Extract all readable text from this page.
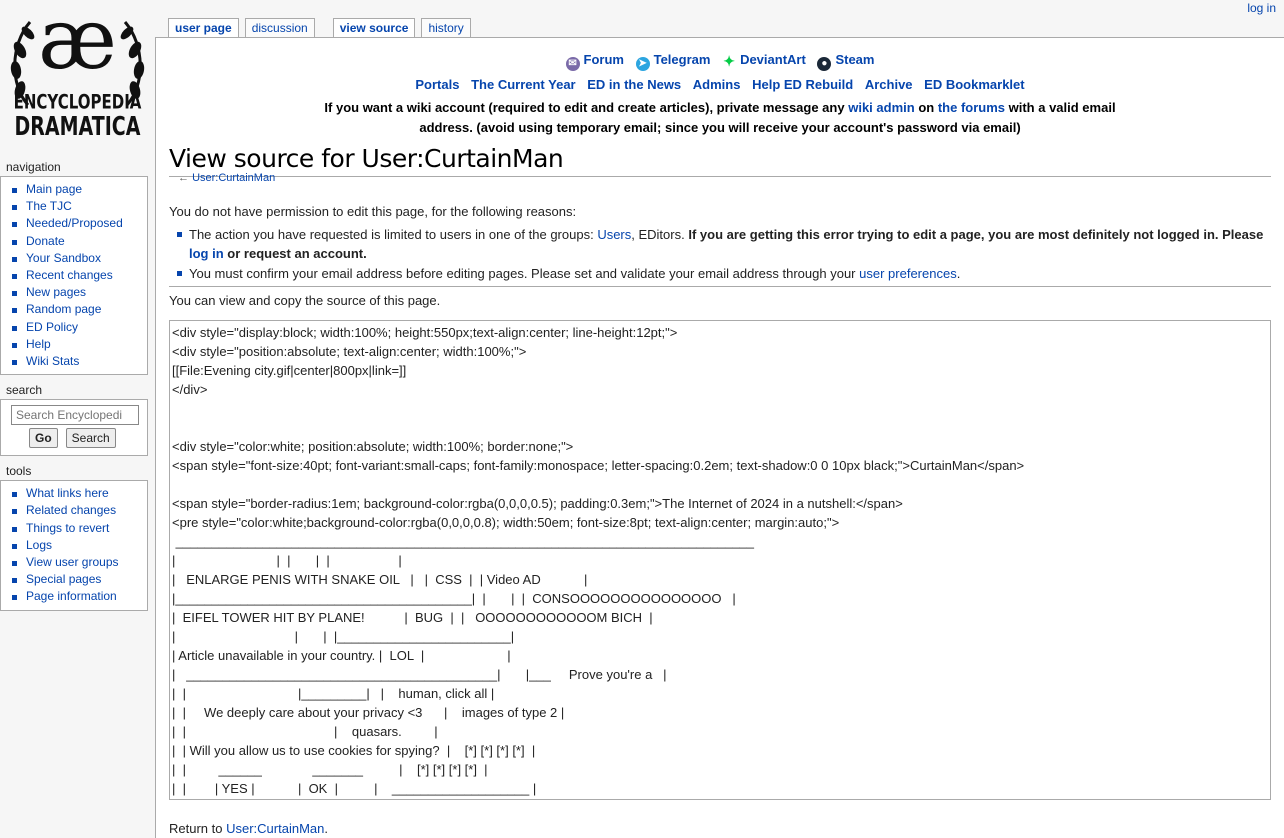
æ
ENCYCLOPEDIA
DRAMATICA
log in
user page	discussion	view source	history
navigation
Main page
The TJC
Needed/Proposed
Donate
Your Sandbox
Recent changes
New pages
Random page
ED Policy
Help
Wiki Stats
search
Search Encyclopedi
Go	Search
tools
What links here
Related changes
Things to revert
Logs
View user groups
Special pages
Page information
✉ Forum ➤ Telegram ✦ DeviantArt ● Steam
Portals The Current Year ED in the News Admins Help ED Rebuild Archive ED Bookmarklet
If you want a wiki account (required to edit and create articles), private message any wiki admin on the forums with a valid email
address. (avoid using temporary email; since you will receive your account's password via email)
View source for User:CurtainMan
← User:CurtainMan

You do not have permission to edit this page, for the following reasons:

The action you have requested is limited to users in one of the groups: Users, EDitors. If you are getting this error trying to edit a page, you are most definitely not logged in. Please log in or request an account.
You must confirm your email address before editing pages. Please set and validate your email address through your user preferences.

You can view and copy the source of this page.

<div style="display:block; width:100%; height:550px;text-align:center; line-height:12pt;">
<div style="position:absolute; text-align:center; width:100%;">
[[File:Evening city.gif|center|800px|link=]]
</div>

<div style="color:white; position:absolute; width:100%; border:none;">
<span style="font-size:40pt; font-variant:small-caps; font-family:monospace; letter-spacing:0.2em; text-shadow:0 0 10px black;">CurtainMan</span>

<span style="border-radius:1em; background-color:rgba(0,0,0,0.5); padding:0.3em;">The Internet of 2024 in a nutshell:</span>
<pre style="color:white;background-color:rgba(0,0,0,0.8); width:50em; font-size:8pt; text-align:center; margin:auto;">
________________________________________________________________________________
|                            |  |       |  |                   |
|   ENLARGE PENIS WITH SNAKE OIL   |   |  CSS  |  | Video AD            |
|_________________________________________|  |       |  |  CONSOOOOOOOOOOOOOOO   |
|  EIFEL TOWER HIT BY PLANE!           |  BUG  |  |   OOOOOOOOOOOOM BICH  |
|                                 |       |  |________________________|
| Article unavailable in your country. |  LOL  |                       |
|   ___________________________________________|       |___     Prove you're a   |
|  |                               |_________|   |    human, click all |
|  |     We deeply care about your privacy <3      |    images of type 2 |
|  |                                         |    quasars.         |
|  | Will you allow us to use cookies for spying?  |    [*] [*] [*] [*]  |
|  |         ______              _______          |    [*] [*] [*] [*]  |
|  |        | YES |            |  OK  |          |    ___________________ |
Return to User:CurtainMan.
